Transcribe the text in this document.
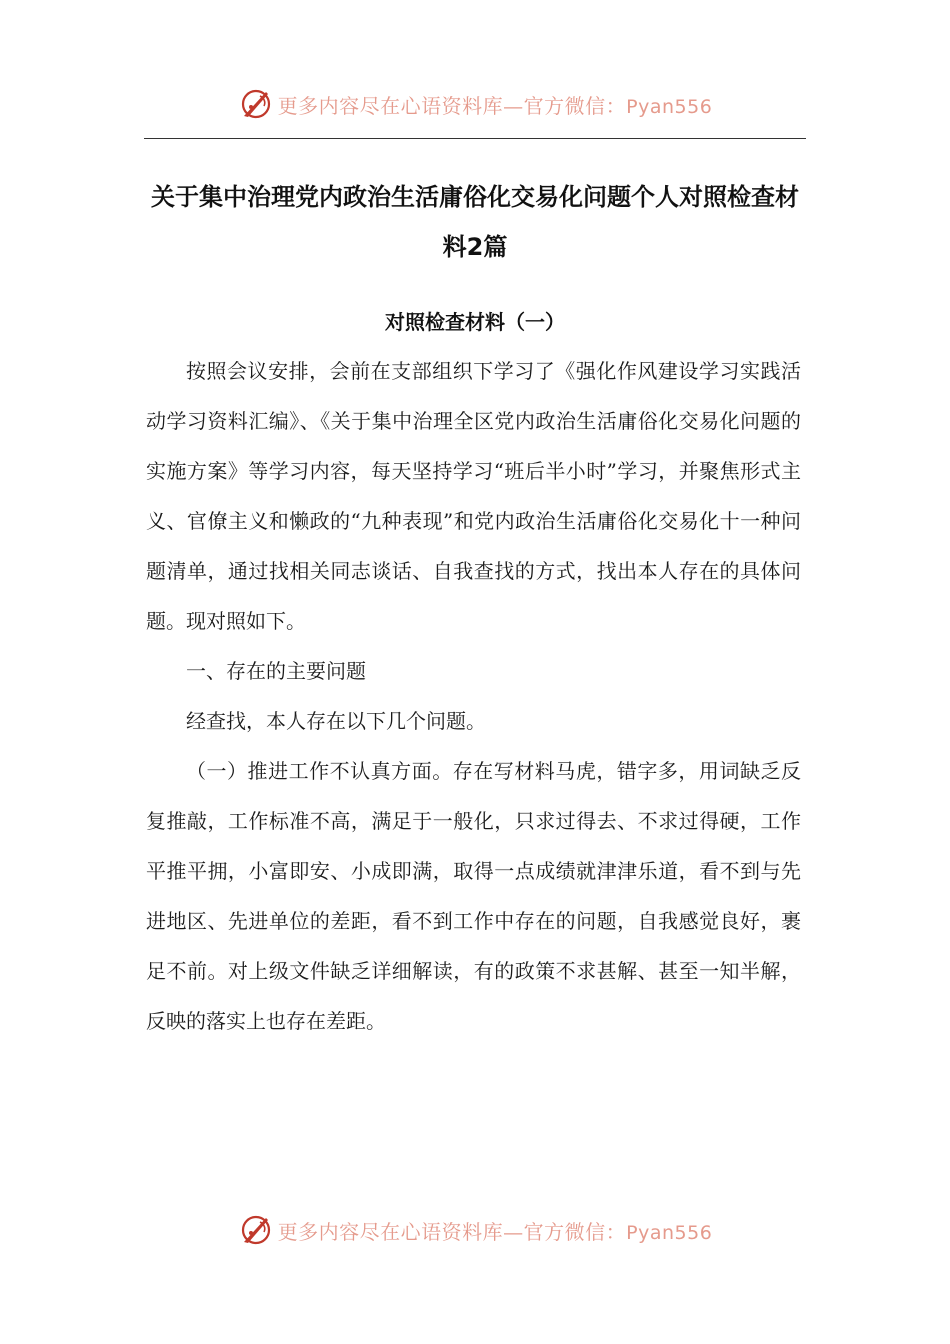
更多内容尽在心语资料库—官方微信：Pyan556
关于集中治理党内政治生活庸俗化交易化问题个人对照检查材料2篇
对照检查材料（一）

按照会议安排，会前在支部组织下学习了《强化作风建设学习实践活动学习资料汇编》、《关于集中治理全区党内政治生活庸俗化交易化问题的实施方案》等学习内容，每天坚持学习“班后半小时”学习，并聚焦形式主义、官僚主义和懒政的“九种表现”和党内政治生活庸俗化交易化十一种问题清单，通过找相关同志谈话、自我查找的方式，找出本人存在的具体问题。现对照如下。

一、存在的主要问题

经查找，本人存在以下几个问题。

（一）推进工作不认真方面。存在写材料马虎，错字多，用词缺乏反复推敲，工作标准不高，满足于一般化，只求过得去、不求过得硬，工作平推平拥，小富即安、小成即满，取得一点成绩就津津乐道，看不到与先进地区、先进单位的差距，看不到工作中存在的问题，自我感觉良好，裹足不前。对上级文件缺乏详细解读，有的政策不求甚解、甚至一知半解，反映的落实上也存在差距。

更多内容尽在心语资料库—官方微信：Pyan556
